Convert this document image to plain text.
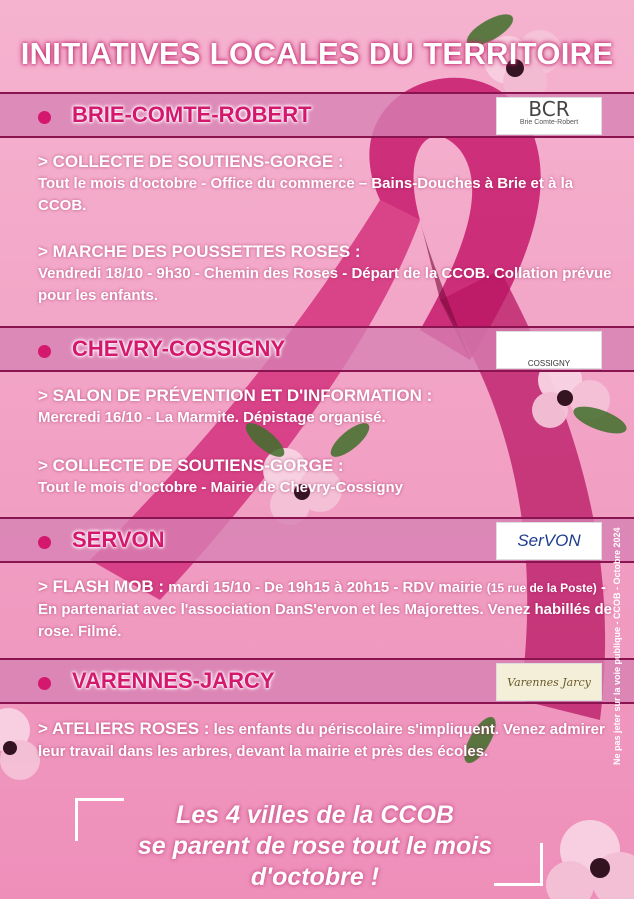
INITIATIVES LOCALES DU TERRITOIRE
BRIE-COMTE-ROBERT	BCR
Brie Comte-Robert
> COLLECTE DE SOUTIENS-GORGE :
Tout le mois d'octobre - Office du commerce – Bains-Douches à Brie et à la CCOB.
> MARCHE DES POUSSETTES ROSES :
Vendredi 18/10 - 9h30 - Chemin des Roses - Départ de la CCOB. Collation prévue pour les enfants.
CHEVRY-COSSIGNY
COSSIGNY
> SALON DE PRÉVENTION ET D'INFORMATION :
Mercredi 16/10 - La Marmite. Dépistage organisé.
> COLLECTE DE SOUTIENS-GORGE :
Tout le mois d'octobre - Mairie de Chevry-Cossigny
SERVON	SerVON
> FLASH MOB : mardi 15/10 - De 19h15 à 20h15 - RDV mairie (15 rue de la Poste) - En partenariat avec l'association DanS'ervon et les Majorettes. Venez habillés de rose. Filmé.
VARENNES-JARCY	Varennes Jarcy
> ATELIERS ROSES : les enfants du périscolaire s'impliquent. Venez admirer leur travail dans les arbres, devant la mairie et près des écoles.
Les 4 villes de la CCOB
se parent de rose tout le mois
d'octobre !
Ne pas jeter sur la voie publique - CCOB - Octobre 2024
